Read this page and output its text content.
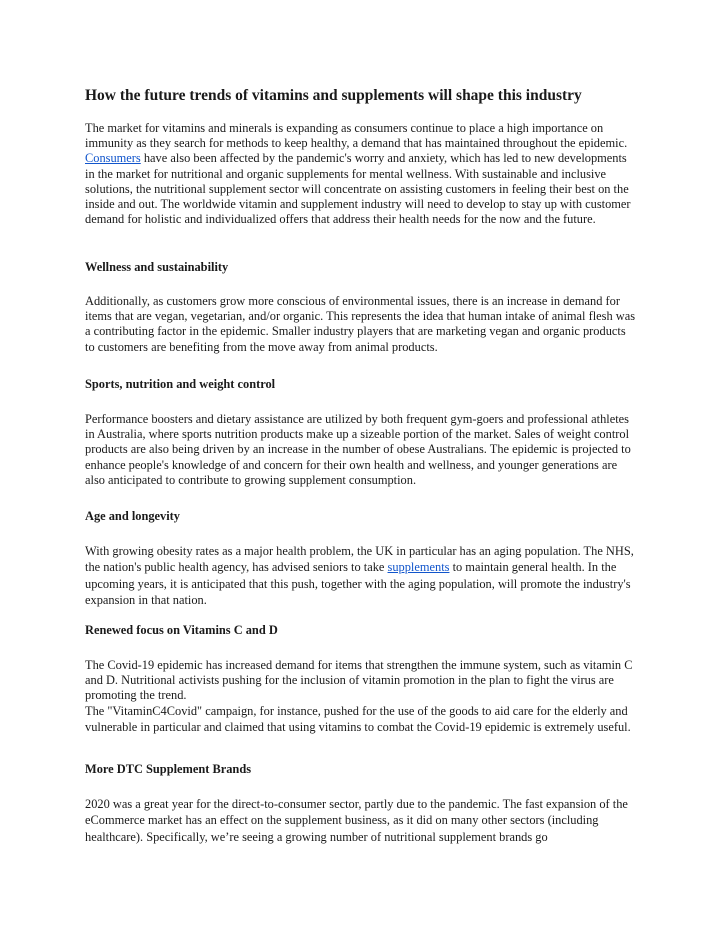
How the future trends of vitamins and supplements will shape this industry

The market for vitamins and minerals is expanding as consumers continue to place a high importance on immunity as they search for methods to keep healthy, a demand that has maintained throughout the epidemic. Consumers have also been affected by the pandemic's worry and anxiety, which has led to new developments in the market for nutritional and organic supplements for mental wellness. With sustainable and inclusive solutions, the nutritional supplement sector will concentrate on assisting customers in feeling their best on the inside and out. The worldwide vitamin and supplement industry will need to develop to stay up with customer demand for holistic and individualized offers that address their health needs for the now and the future.

Wellness and sustainability

Additionally, as customers grow more conscious of environmental issues, there is an increase in demand for items that are vegan, vegetarian, and/or organic. This represents the idea that human intake of animal flesh was a contributing factor in the epidemic. Smaller industry players that are marketing vegan and organic products to customers are benefiting from the move away from animal products.

Sports, nutrition and weight control

Performance boosters and dietary assistance are utilized by both frequent gym-goers and professional athletes in Australia, where sports nutrition products make up a sizeable portion of the market. Sales of weight control products are also being driven by an increase in the number of obese Australians. The epidemic is projected to enhance people's knowledge of and concern for their own health and wellness, and younger generations are also anticipated to contribute to growing supplement consumption.

Age and longevity

With growing obesity rates as a major health problem, the UK in particular has an aging population. The NHS, the nation's public health agency, has advised seniors to take supplements to maintain general health. In the upcoming years, it is anticipated that this push, together with the aging population, will promote the industry's expansion in that nation.

Renewed focus on Vitamins C and D

The Covid-19 epidemic has increased demand for items that strengthen the immune system, such as vitamin C and D. Nutritional activists pushing for the inclusion of vitamin promotion in the plan to fight the virus are promoting the trend.

The "VitaminC4Covid" campaign, for instance, pushed for the use of the goods to aid care for the elderly and vulnerable in particular and claimed that using vitamins to combat the Covid-19 epidemic is extremely useful.

More DTC Supplement Brands

2020 was a great year for the direct-to-consumer sector, partly due to the pandemic. The fast expansion of the eCommerce market has an effect on the supplement business, as it did on many other sectors (including healthcare). Specifically, we’re seeing a growing number of nutritional supplement brands go
